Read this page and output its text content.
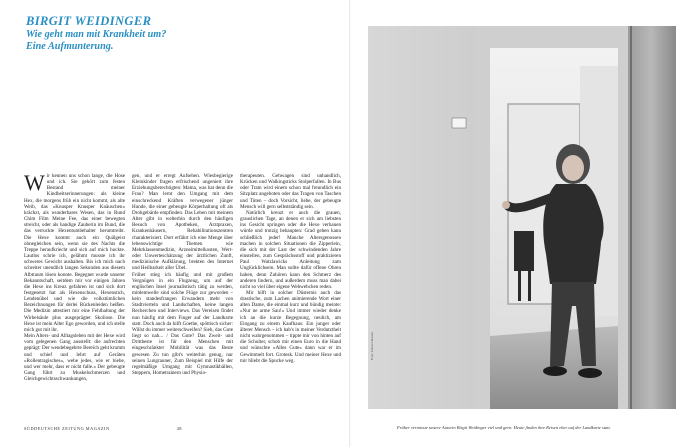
BIRGIT WEIDINGER
Wie geht man mit Krankheit um?
Eine Aufmunterung.
W ir kennen uns schon lange, die Hose und ich. Sie gehört zum festen Bestand meiner Kindheitserinnerungen: als kleine Hex, die morgens früh ein nicht kommt, als alte Weib, das »Knusper Knusper Knäuschen« krächzt, als wunderbares Wesen, das in Rund Chim Film Meine Fee, das einer bewegten streicht, oder als handige Zauberin im Bund, die das verruckte Hexentumbehalter herumtreibt. Die Hexe kommt auch ein Quälgeist ohnegleichen sein, wenn sie des Nachts die Treppe heraufkriecht und sich auf mich hockte. Lautlos schrie ich, gelähmt musste ich ihr schweres Gewicht aushalten. Bis ich mich nach schreiter unendlich langen Sekunden aus diesem Albtraum lösen konnte. Begegnet wurde unserer Bekanntschaft, seitdem mir vor einigen Jahren die Hexe ins Kreuz gefahren ist und sich dort festgesetzt hat als Hexenschuss, Hexenstich, Lendenübel und wie die volkstümlichen Bezeichnungen für derlei Rückenleiden heißen. Die Medizin attestiert mir eine Fehlhaltung der Wirbelsäule plus ausgeprägter Skoliose. Die Hexe ist mein Alter Ego geworden, und ich stelle mich gut mit ihr.

Mein Alters- und Alltagsleben mit der Hexe wird vom gelegenen Gang ausstellt: die aufrechten geprägt: Der wendebegehrte Bereich geht krumm und schief und lehrt auf Geräten »Rollentragisches«, wehe jedes, wie er biebe, und wer mehr, dass er nicht falle.« Der gebeugte Gang führt zu Muskelschmerzen und Gleichgewichtsschwankungen,

gen, und er erregt Aufsehen. Wiesbegierige Kleinkinder fragen erfrischend ungeniert ihre Erziehungsberechtigten: Mama, was hat denn die Frau? Man lernt den Umgang mit dem einschreckend Kräften verwegener jünger Hunde, die einer gebeugte Körperhaltung oft als Drohgebärde empfinden. Das Leben mit meinem Alter gibt in welterhin durch den häufigen Besuch von Apotheken, Arztpraxen, Krankenhäusern, Rehabilitationszentren charakterisiert. Dort erfährt ich eine Menge über lebenswichtige Themen wie Mehrklassenmedizin, Arzneimittelkosten, Wert- oder Unwerteschätzung der ärztlichen Zunft, medizinische Aufklärung, brekten des Internet und Heilbarkeit aller Übel.

Früher stieg ich häufig und mit großem Vergnügen in ein Flugzeug, um auf der englischen Insel journalistisch tätig zu werden, mitdemwelle sind solche Flüge zur geworden – kein standesfrangen Erwandern mehr von Stadtvierteln und Landschaften, keine langen Recherchen und Interviews. Das Vereisen findet nun häufig mit dem Finger auf der Landkarte statt. Doch auch da hilft Goethe, spöttisch sicher: Willst du immer weiterschweifen? Sieh, das Gute liegt so nah... / Das Gute? Das Zweit- und Drittbeste ist für den Menschen mit eingeschränkter Mobilität was das Beste gewesen Zu tun gibt's weiterhin genug, nur seinen Lungrauner, Zum Beispiel mit Hilfe der regelmäßige Umgang mit Gymnastikbällen, Steppern, Hometrainern und Physio-

therapeuten. Gehwagen sind unhandlich, Krücken und Walkingsticks Stolperfallen. In Bus oder Tram wird einem schon mal freundlich ein Sitzplatz angeboten oder das Tragen von Taschen und Tüten – doch Vorsicht, liebe, der gebeugte Mensch will gern selbstständig sein.

Natürlich kreuzt er auch die grauen, grauslichen Tage, an denen er sich am liebsten ins Gesicht springen oder die Hexe verhauen würde und trotzig behaupten: Grad gehen kann schließlich jeder! Manche Altersgenossen machen in solchen Situationen die Zipperlein, die sich mit der Last der schwindenden Jahre einstellen, zum Gesprächsstoff und praktizieren Paul Watzlawicks Anleitung zum Unglücklichsein. Man sollte dafür offene Ohren haben, denn Zuhören kann den Schmerz des anderen lindern, und außerdem muss man dabei nicht so viel über eigene Wehwehchen reden.

Mir hilft in solcher Düsternis auch das drastische, zum Lachen animierende Wort einer alten Dame, die einmal kurz und bündig meinte: »Nur ne arme Sau!« Und immer wieder denke ich an die kurze Begegnung, neulich, am Eingang zu einem Kaufhaus: Ein junger oder älterer Mensch – ich hab's in meiner Verdutztheit nicht wahrgenommen – tippte mir von hinten auf die Schulter, schob mir einen Euro in die Hand und wünschte »Alles Gute« dann war er im Gewimmelt fort. Grotesk. Und meiner Hexe und mir bliebt die Spucke weg.

SÜDDEUTSCHE ZEITUNG MAGAZIN	28
Foto: Daniel Rosner
Früher vermisste unsere Autorin Birgit Weidinger viel und gern. Heute finden ihre Reisen eher auf der Landkarte statt.
